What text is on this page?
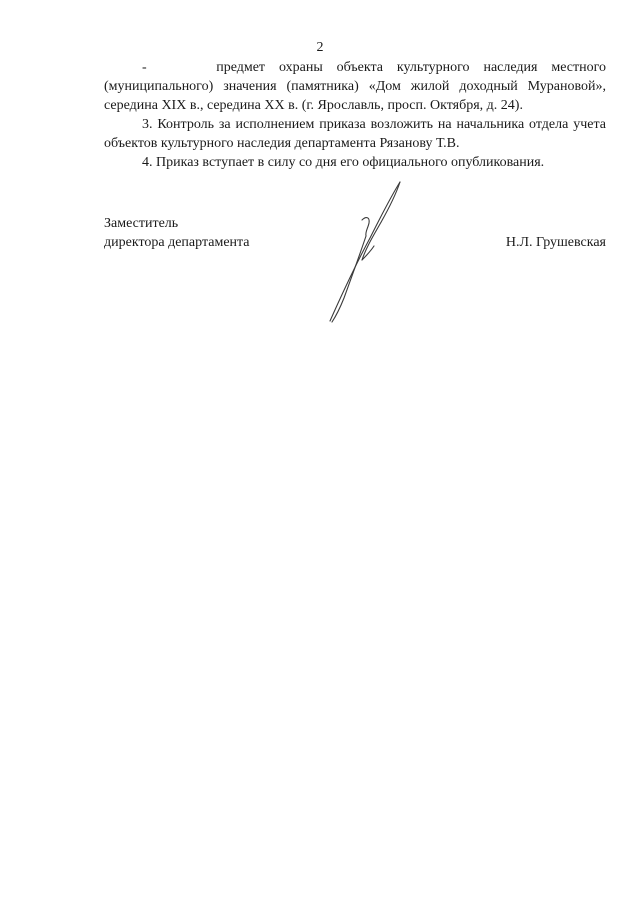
2

-     предмет охраны объекта культурного наследия местного (муниципального) значения (памятника) «Дом жилой доходный Мурановой», середина XIX в., середина XX в. (г. Ярославль, просп. Октября, д. 24).

3. Контроль за исполнением приказа возложить на начальника отдела учета объектов культурного наследия департамента Рязанову Т.В.

4. Приказ вступает в силу со дня его официального опубликования.

Заместитель
директора департамента	Н.Л. Грушевская
